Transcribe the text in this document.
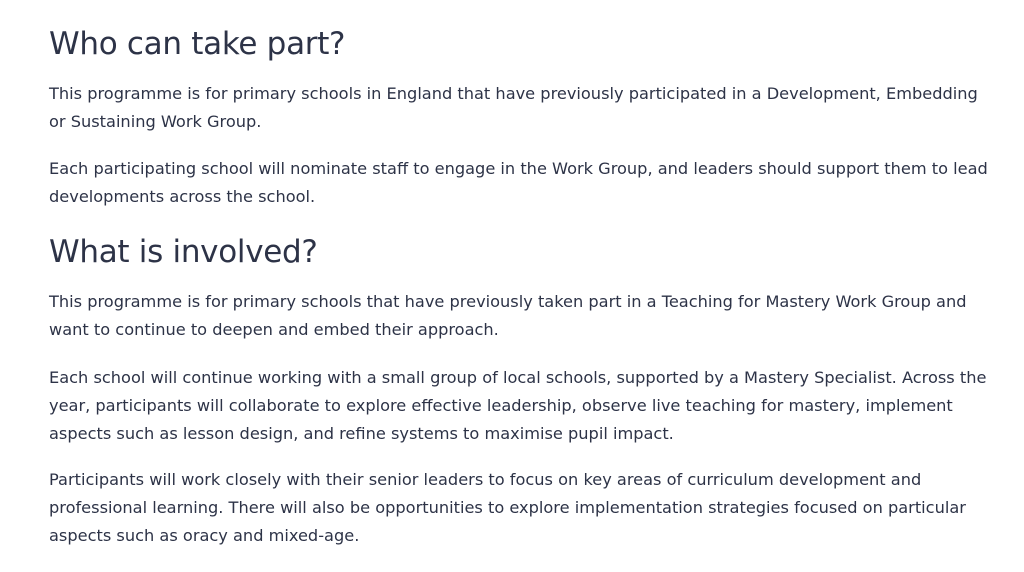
Who can take part?

This programme is for primary schools in England that have previously participated in a Development, Embedding or Sustaining Work Group.

Each participating school will nominate staff to engage in the Work Group, and leaders should support them to lead developments across the school.

What is involved?

This programme is for primary schools that have previously taken part in a Teaching for Mastery Work Group and want to continue to deepen and embed their approach.

Each school will continue working with a small group of local schools, supported by a Mastery Specialist. Across the year, participants will collaborate to explore effective leadership, observe live teaching for mastery, implement aspects such as lesson design, and refine systems to maximise pupil impact.

Participants will work closely with their senior leaders to focus on key areas of curriculum development and professional learning. There will also be opportunities to explore implementation strategies focused on particular aspects such as oracy and mixed-age.
